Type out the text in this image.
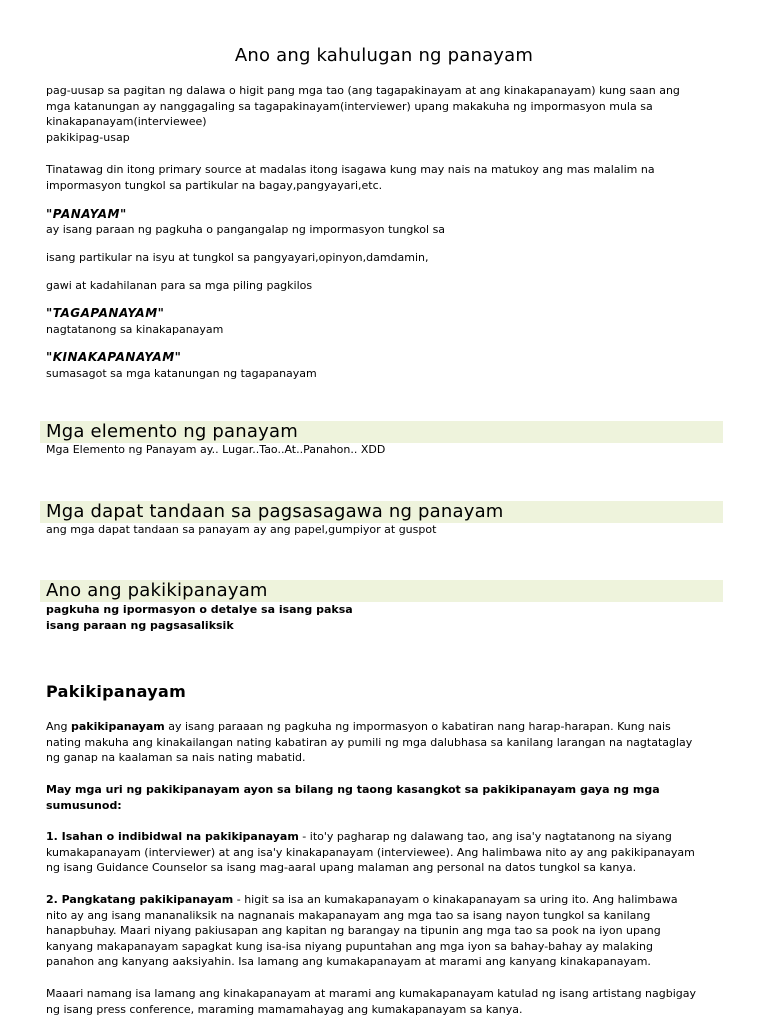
Ano ang kahulugan ng panayam
pag-uusap sa pagitan ng dalawa o higit pang mga tao (ang tagapakinayam at ang kinakapanayam) kung saan ang
mga katanungan ay nanggagaling sa tagapakinayam(interviewer) upang makakuha ng impormasyon mula sa
kinakapanayam(interviewee)
pakikipag-usap
Tinatawag din itong primary source at madalas itong isagawa kung may nais na matukoy ang mas malalim na
impormasyon tungkol sa partikular na bagay,pangyayari,etc.
"PANAYAM"
ay isang paraan ng pagkuha o pangangalap ng impormasyon tungkol sa
isang partikular na isyu at tungkol sa pangyayari,opinyon,damdamin,
gawi at kadahilanan para sa mga piling pagkilos
"TAGAPANAYAM"
nagtatanong sa kinakapanayam
"KINAKAPANAYAM"
sumasagot sa mga katanungan ng tagapanayam
Mga elemento ng panayam
Mga Elemento ng Panayam ay.. Lugar..Tao..At..Panahon.. XDD
Mga dapat tandaan sa pagsasagawa ng panayam
ang mga dapat tandaan sa panayam ay ang papel,gumpiyor at guspot
Ano ang pakikipanayam
pagkuha ng ipormasyon o detalye sa isang paksa
isang paraan ng pagsasaliksik
Pakikipanayam
Ang pakikipanayam ay isang paraaan ng pagkuha ng impormasyon o kabatiran nang harap-harapan. Kung nais
nating makuha ang kinakailangan nating kabatiran ay pumili ng mga dalubhasa sa kanilang larangan na nagtataglay
ng ganap na kaalaman sa nais nating mabatid.
May mga uri ng pakikipanayam ayon sa bilang ng taong kasangkot sa pakikipanayam gaya ng mga
sumusunod:
1. Isahan o indibidwal na pakikipanayam - ito'y pagharap ng dalawang tao, ang isa'y nagtatanong na siyang
kumakapanayam (interviewer) at ang isa'y kinakapanayam (interviewee). Ang halimbawa nito ay ang pakikipanayam
ng isang Guidance Counselor sa isang mag-aaral upang malaman ang personal na datos tungkol sa kanya.
2. Pangkatang pakikipanayam - higit sa isa an kumakapanayam o kinakapanayam sa uring ito. Ang halimbawa
nito ay ang isang mananaliksik na nagnanais makapanayam ang mga tao sa isang nayon tungkol sa kanilang
hanapbuhay. Maari niyang pakiusapan ang kapitan ng barangay na tipunin ang mga tao sa pook na iyon upang
kanyang makapanayam sapagkat kung isa-isa niyang pupuntahan ang mga iyon sa bahay-bahay ay malaking
panahon ang kanyang aaksiyahin. Isa lamang ang kumakapanayam at marami ang kanyang kinakapanayam.
Maaari namang isa lamang ang kinakapanayam at marami ang kumakapanayam katulad ng isang artistang nagbigay
ng isang press conference, maraming mamamahayag ang kumakapanayam sa kanya.
